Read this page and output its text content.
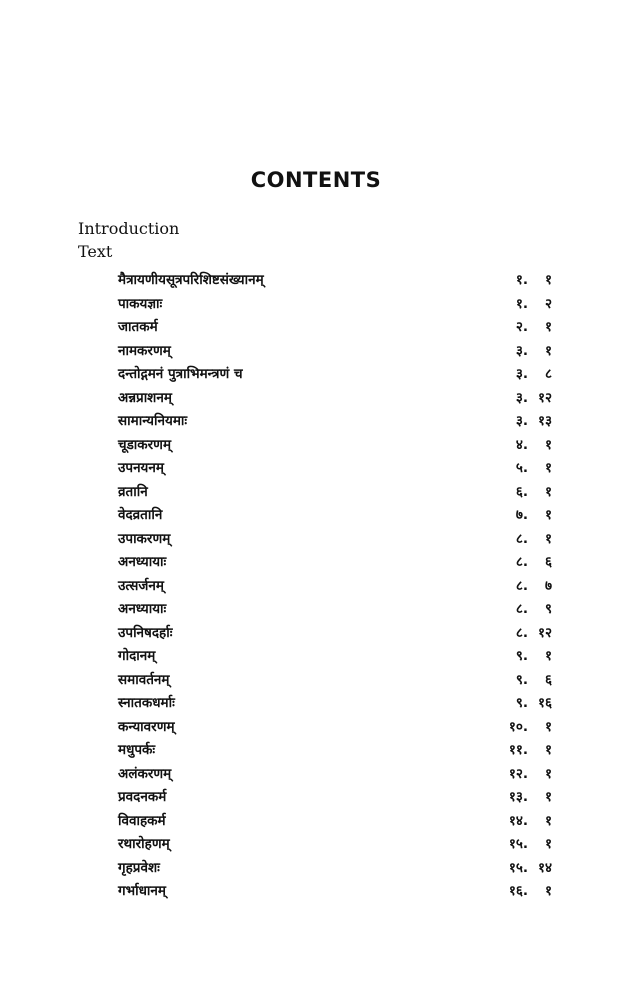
CONTENTS
Introduction
Text
मैत्रायणीयसूत्रपरिशिष्टसंख्यानम्	१.	१
पाकयज्ञाः	१.	२
जातकर्म	२.	१
नामकरणम्	३.	१
दन्तोद्गमनं पुत्राभिमन्त्रणं च	३.	८
अन्नप्राशनम्	३. १२
सामान्यनियमाः	३. १३
चूडाकरणम्	४.	१
उपनयनम्	५.	१
व्रतानि	६.	१
वेदव्रतानि	७.	१
उपाकरणम्	८.	१
अनध्यायाः	८.	६
उत्सर्जनम्	८.	७
अनध्यायाः	८.	९
उपनिषदर्हाः	८. १२
गोदानम्	९.	१
समावर्तनम्	९.	६
स्नातकधर्माः	९. १६
कन्यावरणम्	१०.	१
मधुपर्कः	११.	१
अलंकरणम्	१२.	१
प्रवदनकर्म	१३.	१
विवाहकर्म	१४.	१
रथारोहणम्	१५.	१
गृहप्रवेशः	१५. १४
गर्भाधानम्	१६.	१
